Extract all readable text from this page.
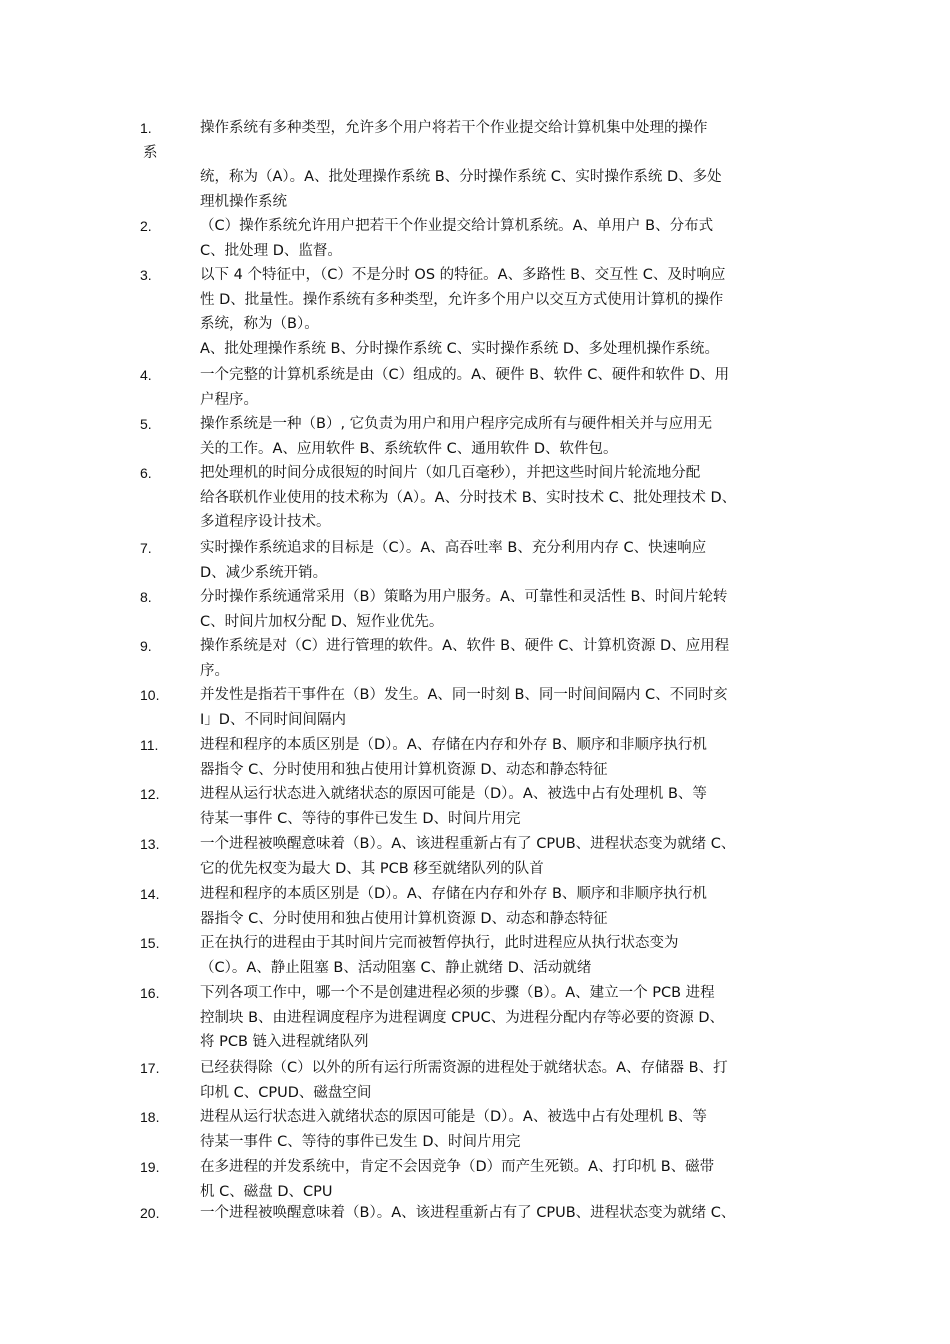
1.	操作系统有多种类型，允许多个用户将若干个作业提交给计算机集中处理的操作
系
统，称为（A）。A、批处理操作系统 B、分时操作系统 C、实时操作系统 D、多处
理机操作系统
2.	（C）操作系统允许用户把若干个作业提交给计算机系统。A、单用户 B、分布式
C、批处理 D、监督。
3.	以下 4 个特征中，（C）不是分时 OS 的特征。A、多路性 B、交互性 C、及时响应
性 D、批量性。操作系统有多种类型，允许多个用户以交互方式使用计算机的操作
系统，称为（B）。
A、批处理操作系统 B、分时操作系统 C、实时操作系统 D、多处理机操作系统。
4.	一个完整的计算机系统是由（C）组成的。A、硬件 B、软件 C、硬件和软件 D、用
户程序。
5.	操作系统是一种（B）, 它负责为用户和用户程序完成所有与硬件相关并与应用无
关的工作。A、应用软件 B、系统软件 C、通用软件 D、软件包。
6.	把处理机的时间分成很短的时间片（如几百毫秒），并把这些时间片轮流地分配
给各联机作业使用的技术称为（A）。A、分时技术 B、实时技术 C、批处理技术 D、
多道程序设计技术。
7.	实时操作系统追求的目标是（C）。A、高吞吐率 B、充分利用内存 C、快速响应
D、减少系统开销。
8.	分时操作系统通常采用（B）策略为用户服务。A、可靠性和灵活性 B、时间片轮转
C、时间片加权分配 D、短作业优先。
9.	操作系统是对（C）进行管理的软件。A、软件 B、硬件 C、计算机资源 D、应用程
序。
10.	并发性是指若干事件在（B）发生。A、同一时刻 B、同一时间间隔内 C、不同时亥
I」D、不同时间间隔内
11.	进程和程序的本质区别是（D）。A、存储在内存和外存 B、顺序和非顺序执行机
器指令 C、分时使用和独占使用计算机资源 D、动态和静态特征
12.	进程从运行状态进入就绪状态的原因可能是（D）。A、被选中占有处理机 B、等
待某一事件 C、等待的事件已发生 D、时间片用完
13.	一个进程被唤醒意味着（B）。A、该进程重新占有了 CPUB、进程状态变为就绪 C、
它的优先权变为最大 D、其 PCB 移至就绪队列的队首
14.	进程和程序的本质区别是（D）。A、存储在内存和外存 B、顺序和非顺序执行机
器指令 C、分时使用和独占使用计算机资源 D、动态和静态特征
15.	正在执行的进程由于其时间片完而被暂停执行，此时进程应从执行状态变为
（C）。A、静止阻塞 B、活动阻塞 C、静止就绪 D、活动就绪
16.	下列各项工作中，哪一个不是创建进程必须的步骤（B）。A、建立一个 PCB 进程
控制块 B、由进程调度程序为进程调度 CPUC、为进程分配内存等必要的资源 D、
将 PCB 链入进程就绪队列
17.	已经获得除（C）以外的所有运行所需资源的进程处于就绪状态。A、存储器 B、打
印机 C、CPUD、磁盘空间
18.	进程从运行状态进入就绪状态的原因可能是（D）。A、被选中占有处理机 B、等
待某一事件 C、等待的事件已发生 D、时间片用完
19.	在多进程的并发系统中，肯定不会因竞争（D）而产生死锁。A、打印机 B、磁带
机 C、磁盘 D、CPU
20.	一个进程被唤醒意味着（B）。A、该进程重新占有了 CPUB、进程状态变为就绪 C、
